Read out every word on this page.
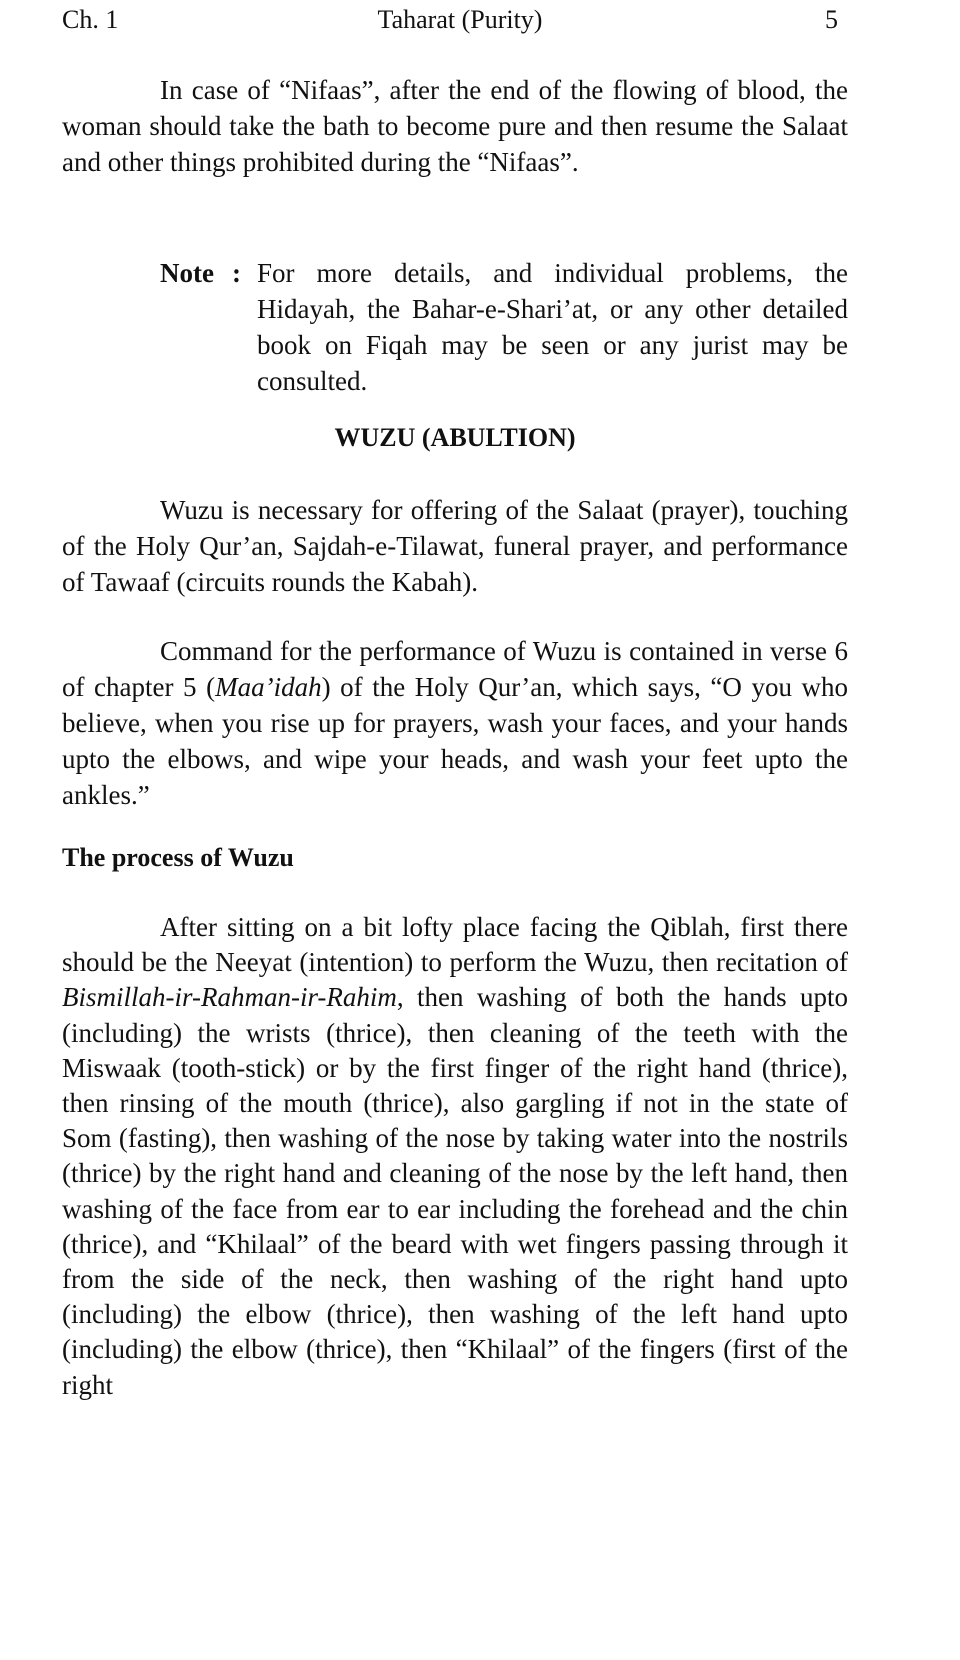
Ch. 1	Taharat (Purity)	5

In case of “Nifaas”, after the end of the flowing of blood, the woman should take the bath to become pure and then resume the Salaat and other things prohibited during the “Nifaas”.

Note : For more details, and individual problems, the Hidayah, the Bahar-e-Shari’at, or any other detailed book on Fiqah may be seen or any jurist may be consulted.
WUZU (ABULTION)

Wuzu is necessary for offering of the Salaat (prayer), touching of the Holy Qur’an, Sajdah-e-Tilawat, funeral prayer, and performance of Tawaaf (circuits rounds the Kabah).

Command for the performance of Wuzu is contained in verse 6 of chapter 5 (Maa’idah) of the Holy Qur’an, which says, “O you who believe, when you rise up for prayers, wash your faces, and your hands upto the elbows, and wipe your heads, and wash your feet upto the ankles.”

The process of Wuzu

After sitting on a bit lofty place facing the Qiblah, first there should be the Neeyat (intention) to perform the Wuzu, then recitation of Bismillah-ir-Rahman-ir-Rahim, then washing of both the hands upto (including) the wrists (thrice), then cleaning of the teeth with the Miswaak (tooth-stick) or by the first finger of the right hand (thrice), then rinsing of the mouth (thrice), also gargling if not in the state of Som (fasting), then washing of the nose by taking water into the nostrils (thrice) by the right hand and cleaning of the nose by the left hand, then washing of the face from ear to ear including the forehead and the chin (thrice), and “Khilaal” of the beard with wet fingers passing through it from the side of the neck, then washing of the right hand upto (including) the elbow (thrice), then washing of the left hand upto (including) the elbow (thrice), then “Khilaal” of the fingers (first of the right
